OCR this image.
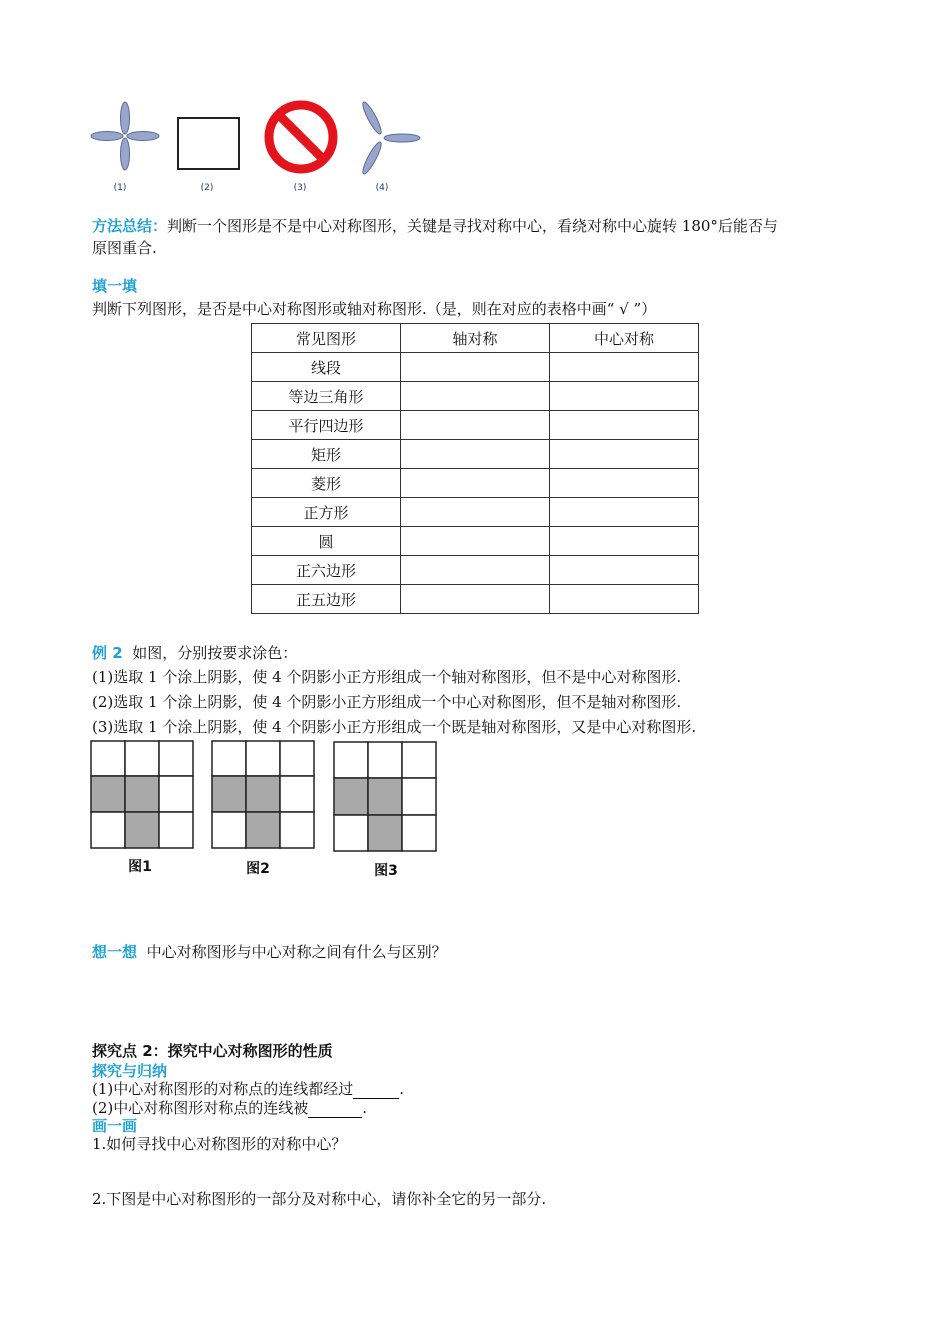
(1)	(2)	(3)	(4)
方法总结：判断一个图形是不是中心对称图形，关键是寻找对称中心，看绕对称中心旋转 180°后能否与
原图重合.
填一填
判断下列图形，是否是中心对称图形或轴对称图形.（是，则在对应的表格中画“ √ ”）
常见图形	轴对称	中心对称
线段		
等边三角形		
平行四边形		
矩形		
菱形		
正方形		
圆		
正六边形		
正五边形		
例 2 如图，分别按要求涂色：
(1)选取 1 个涂上阴影，使 4 个阴影小正方形组成一个轴对称图形，但不是中心对称图形.
(2)选取 1 个涂上阴影，使 4 个阴影小正方形组成一个中心对称图形，但不是轴对称图形.
(3)选取 1 个涂上阴影，使 4 个阴影小正方形组成一个既是轴对称图形，又是中心对称图形.
图1	图2	图3
想一想 中心对称图形与中心对称之间有什么与区别？
探究点 2：探究中心对称图形的性质
探究与归纳
(1)中心对称图形的对称点的连线都经过	.
(2)中心对称图形对称点的连线被	.
画一画
1.如何寻找中心对称图形的对称中心？
2.下图是中心对称图形的一部分及对称中心，请你补全它的另一部分.
